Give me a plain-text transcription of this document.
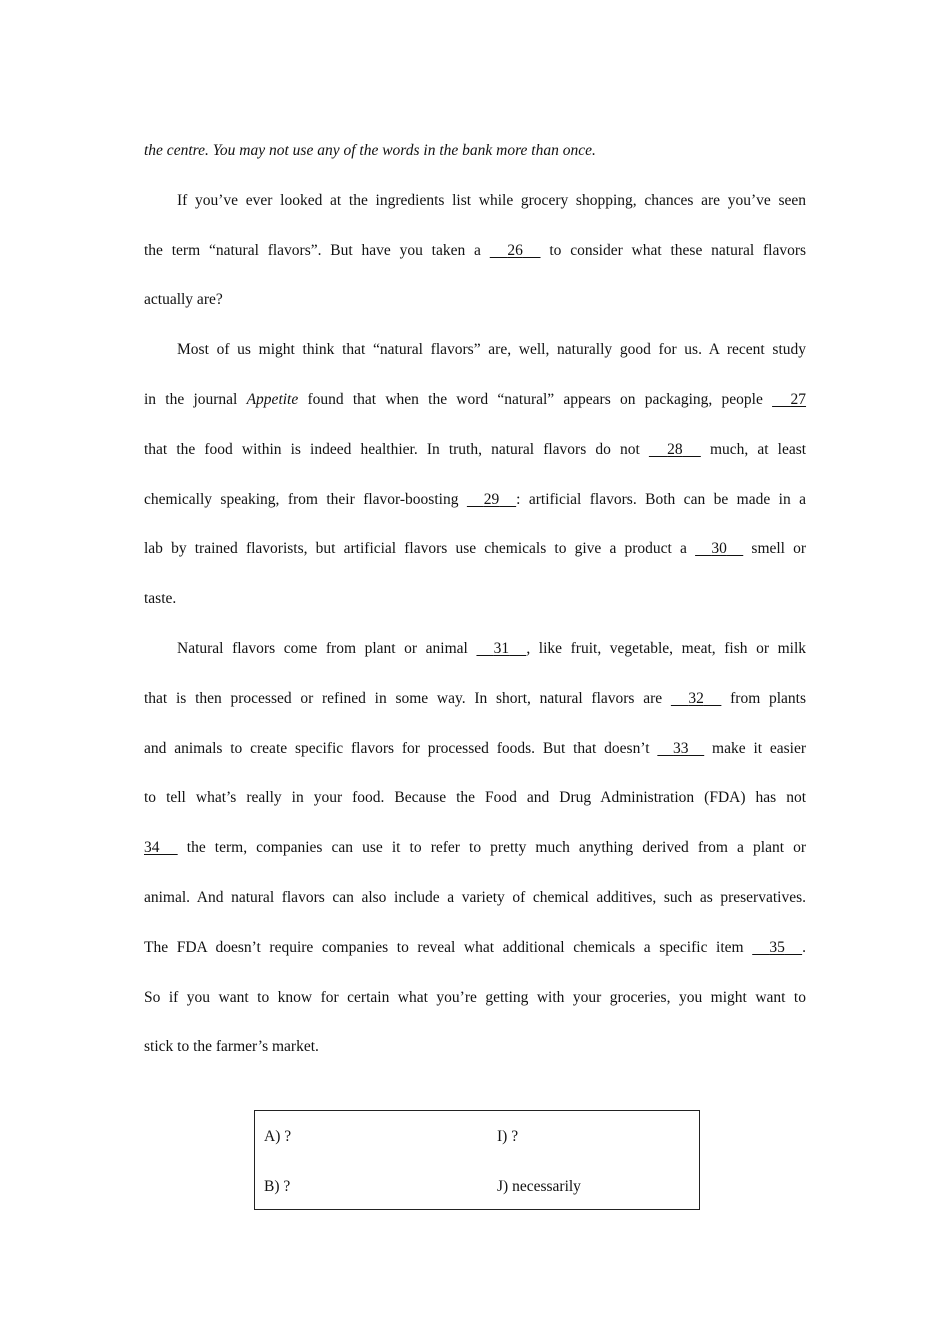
the centre. You may not use any of the words in the bank more than once.
If you’ve ever looked at the ingredients list while grocery shopping, chances are you’ve seen
the term “natural flavors”. But have you taken a 26 to consider what these natural flavors
actually are?
Most of us might think that “natural flavors” are, well, naturally good for us. A recent study
in the journal Appetite found that when the word “natural” appears on packaging, people 27
that the food within is indeed healthier. In truth, natural flavors do not 28 much, at least
chemically speaking, from their flavor-boosting 29 : artificial flavors. Both can be made in a
lab by trained flavorists, but artificial flavors use chemicals to give a product a 30 smell or
taste.
Natural flavors come from plant or animal 31 , like fruit, vegetable, meat, fish or milk
that is then processed or refined in some way. In short, natural flavors are 32 from plants
and animals to create specific flavors for processed foods. But that doesn’t 33 make it easier
to tell what’s really in your food. Because the Food and Drug Administration (FDA) has not
34 the term, companies can use it to refer to pretty much anything derived from a plant or
animal. And natural flavors can also include a variety of chemical additives, such as preservatives.
The FDA doesn’t require companies to reveal what additional chemicals a specific item 35 .
So if you want to know for certain what you’re getting with your groceries, you might want to
stick to the farmer’s market.
A) ?	I) ?
B) ?	J) necessarily
